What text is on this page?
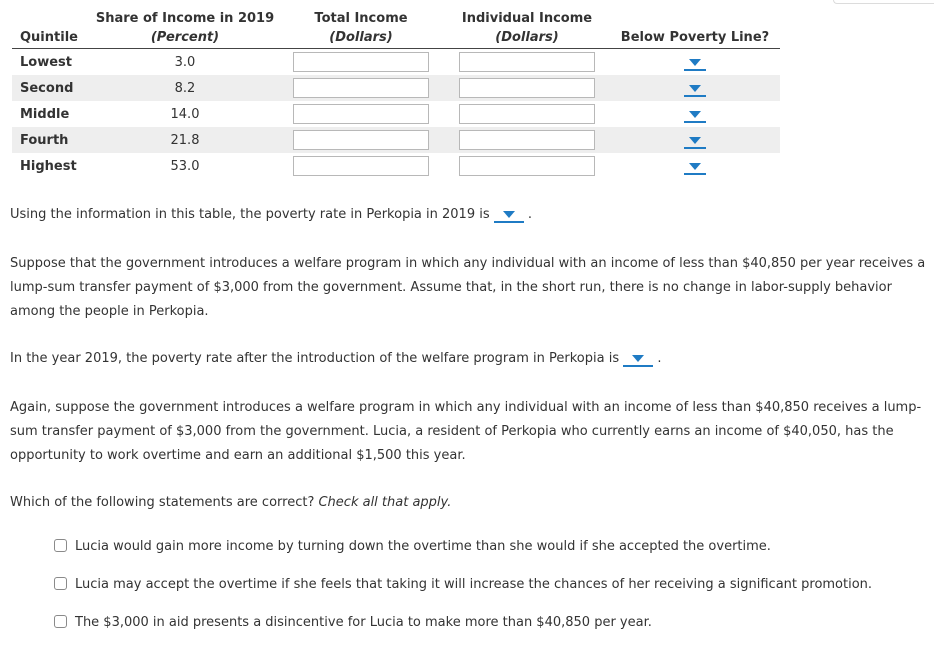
	Share of Income in 2019	Total Income	Individual Income	
Quintile	(Percent)	(Dollars)	(Dollars)	Below Poverty Line?
Lowest	3.0			
Second	8.2			
Middle	14.0			
Fourth	21.8			
Highest	53.0			

Using the information in this table, the poverty rate in Perkopia in 2019 is	.

Suppose that the government introduces a welfare program in which any individual with an income of less than $40,850 per year receives a lump-sum transfer payment of $3,000 from the government. Assume that, in the short run, there is no change in labor-supply behavior among the people in Perkopia.

In the year 2019, the poverty rate after the introduction of the welfare program in Perkopia is	.

Again, suppose the government introduces a welfare program in which any individual with an income of less than $40,850 receives a lump-sum transfer payment of $3,000 from the government. Lucia, a resident of Perkopia who currently earns an income of $40,050, has the opportunity to work overtime and earn an additional $1,500 this year.

Which of the following statements are correct? Check all that apply.

Lucia would gain more income by turning down the overtime than she would if she accepted the overtime.
Lucia may accept the overtime if she feels that taking it will increase the chances of her receiving a significant promotion.
The $3,000 in aid presents a disincentive for Lucia to make more than $40,850 per year.
